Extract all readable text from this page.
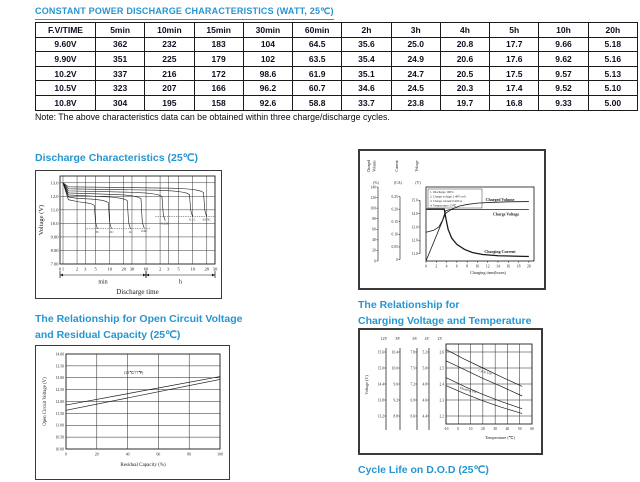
CONSTANT POWER DISCHARGE CHARACTERISTICS (WATT, 25℃)
F.V/TIME	5min	10min	15min	30min	60min	2h	3h	4h	5h	10h	20h
9.60V	362	232	183	104	64.5	35.6	25.0	20.8	17.7	9.66	5.18
9.90V	351	225	179	102	63.5	35.4	24.9	20.6	17.6	9.62	5.16
10.2V	337	216	172	98.6	61.9	35.1	24.7	20.5	17.5	9.57	5.13
10.5V	323	207	166	96.2	60.7	34.6	24.5	20.3	17.4	9.52	5.10
10.8V	304	195	158	92.6	58.8	33.7	23.8	19.7	16.8	9.33	5.00
Note: The above characteristics data can be obtained within three charge/discharge cycles.
Discharge Characteristics (25℃)
13.0
12.0
11.0
10.0
9.00
8.00
7.00
0 1	2 3 5 10 20 30 60 2 3 5 10 20 30
Voltage (V)	3C	2C	1C	0.6C
0.25C
0.1C 0.05C
min	h
Discharge time
140
120
100
80
60
40
20
0
(%)
0.25
0.20
0.15
0.10
0.05
0
(CA)
15.0
14.0
13.0
12.0
11.0
(V)
Charged Volume	Current	Voltage
1. Discharge 100%
2. Charge voltage 2.40V/cell
3. Charge current 0.20CA
4. Temperature 25℃
0 2 4 6 8 10 12 14 16 18 20
Charging time(hours)
Charged Volume
Charge Voltage
Charging Current
The Relationship for Open Circuit Voltage
and Residual Capacity (25℃)
14.00
13.50
13.00
12.50
12.00
11.50
11.00
10.50
10.00
0	20	40	60	80	100
(25℃/77℉)
Open Circuit Voltage (V)
Residual Capacity (%)
The Relationship for
Charging Voltage and Temperature
12V
15.6
15.0
14.4
13.8
13.2
8V
10.4
10.0
9.6
9.2
8.8
6V
7.8
7.5
7.2
6.9
6.6
4V
5.2
5.0
4.8
4.6
4.4
2V
2.6
2.5
2.4
2.3
2.2
Voltage (V)
-10 0	10 20 30 40 50 60
Cycle Use
Floating Use
Temperature (℃)
Cycle Life on D.O.D (25℃)
